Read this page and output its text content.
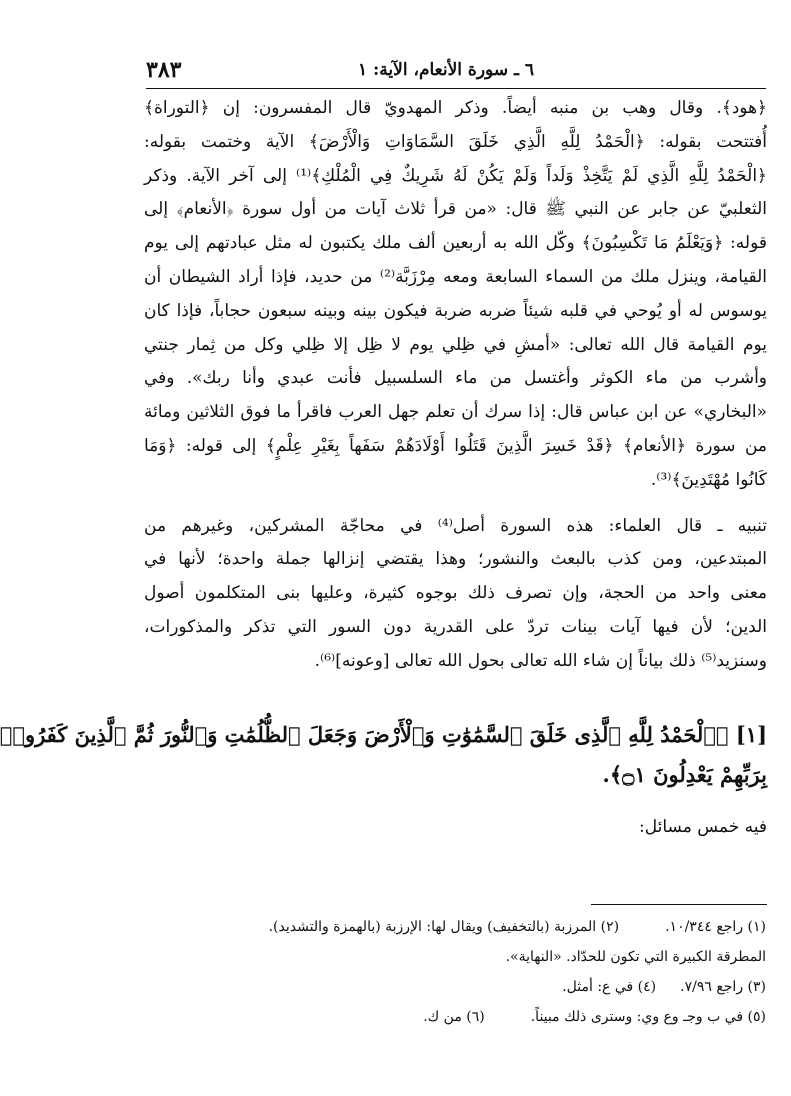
٣٨٣	٦ ـ سورة الأنعام، الآية: ١
﴿هود﴾. وقال وهب بن منبه أيضاً. وذكر المهدويّ قال المفسرون: إن ﴿التوراة﴾
أُفتتحت بقوله: ﴿الْحَمْدُ لِلَّهِ الَّذِي خَلَقَ السَّمَاوَاتِ وَالْأَرْضَ﴾ الآية وختمت بقوله:
﴿الْحَمْدُ لِلَّهِ الَّذِي لَمْ يَتَّخِذْ وَلَداً وَلَمْ يَكُنْ لَهُ شَرِيكٌ فِي الْمُلْكِ﴾⁽¹⁾ إلى آخر الآية. وذكر
الثعلبيّ عن جابر عن النبي ﷺ قال: «من قرأ ثلاث آيات من أول سورة ﴿الأنعام﴾ إلى
قوله: ﴿وَيَعْلَمُ مَا تَكْسِبُونَ﴾ وكّل الله به أربعين ألف ملك يكتبون له مثل عبادتهم إلى يوم
القيامة، وينزل ملك من السماء السابعة ومعه مِرْزَبَّة⁽²⁾ من حديد، فإذا أراد الشيطان أن
يوسوس له أو يُوحي في قلبه شيئاً ضربه ضربة فيكون بينه وبينه سبعون حجاباً، فإذا كان
يوم القيامة قال الله تعالى: «أمشِ في ظِلي يوم لا ظِل إلا ظِلي وكل من ثِمار جنتي
وأشرب من ماء الكوثر وأغتسل من ماء السلسبيل فأنت عبدي وأنا ربك». وفي
«البخاري» عن ابن عباس قال: إذا سرك أن تعلم جهل العرب فاقرأ ما فوق الثلاثين ومائة
من سورة ﴿الأنعام﴾ ﴿قَدْ خَسِرَ الَّذِينَ قَتَلُوا أَوْلَادَهُمْ سَفَهاً بِغَيْرِ عِلْمٍ﴾ إلى قوله: ﴿وَمَا
كَانُوا مُهْتَدِينَ﴾⁽³⁾.
تنبيه ـ قال العلماء: هذه السورة أصل⁽⁴⁾ في محاجّة المشركين، وغيرهم من
المبتدعين، ومن كذب بالبعث والنشور؛ وهذا يقتضي إنزالها جملة واحدة؛ لأنها في
معنى واحد من الحجة، وإن تصرف ذلك بوجوه كثيرة، وعليها بنى المتكلمون أصول
الدين؛ لأن فيها آيات بينات تردّ على القدرية دون السور التي تذكر والمذكورات،
وسنزيد⁽⁵⁾ ذلك بياناً إن شاء الله تعالى بحول الله تعالى [وعونه]⁽⁶⁾.
[١] ﴿ٱلْحَمْدُ لِلَّهِ ٱلَّذِى خَلَقَ ٱلسَّمَٰوَٰتِ وَٱلْأَرْضَ وَجَعَلَ ٱلظُّلُمَٰتِ وَٱلنُّورَ ثُمَّ ٱلَّذِينَ كَفَرُوا۟
بِرَبِّهِمْ يَعْدِلُونَ ۝١﴾.
فيه خمس مسائل:
(١) راجع ١٠/٣٤٤.(٢) المرزبة (بالتخفيف) ويقال لها: الإرزبة (بالهمزة والتشديد).
المطرقة الكبيرة التي تكون للحدّاد. «النهاية».
(٣) راجع ٧/٩٦.(٤) في ع: أمثل.
(٥) في ب وجـ وع وي: وسترى ذلك مبيناً.(٦) من ك.
